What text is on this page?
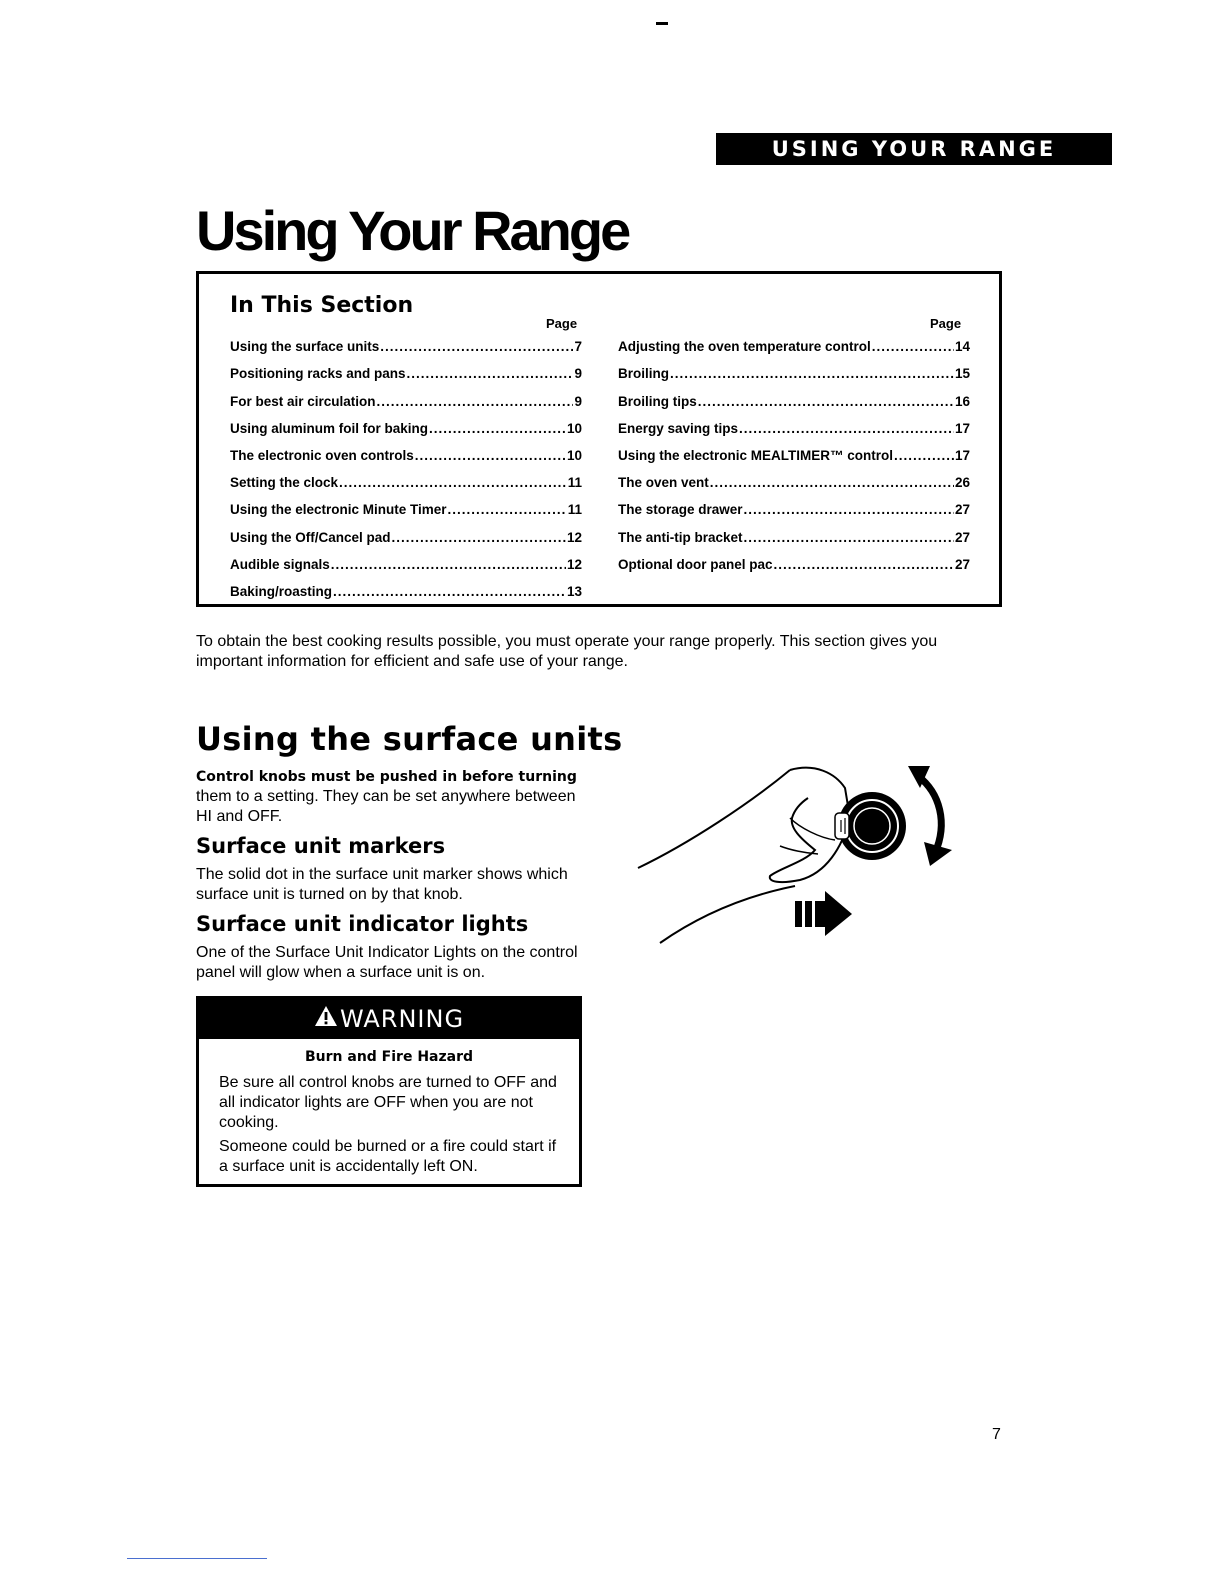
USING YOUR RANGE
Using Your Range
In This Section
Page	Page
Using the surface units .....	7
Positioning racks and pans .....	9
For best air circulation .....	9
Using aluminum foil for baking .....	10
The electronic oven controls .....	10
Setting the clock .....	11
Using the electronic Minute Timer .....	11
Using the Off/Cancel pad .....	12
Audible signals .....	12
Baking/roasting .....	13
Adjusting the oven temperature control .....	14
Broiling .....	15
Broiling tips .....	16
Energy saving tips .....	17
Using the electronic MEALTIMER™ control .....	17
The oven vent .....	26
The storage drawer .....	27
The anti-tip bracket .....	27
Optional door panel pac .....	27
To obtain the best cooking results possible, you must operate your range properly. This section gives you important information for efficient and safe use of your range.
Using the surface units
Control knobs must be pushed in before turning them to a setting. They can be set anywhere between HI and OFF.
Surface unit markers
The solid dot in the surface unit marker shows which surface unit is turned on by that knob.
Surface unit indicator lights
One of the Surface Unit Indicator Lights on the control panel will glow when a surface unit is on.
WARNING
Burn and Fire Hazard
Be sure all control knobs are turned to OFF and all indicator lights are OFF when you are not cooking.
Someone could be burned or a fire could start if a surface unit is accidentally left ON.
7
